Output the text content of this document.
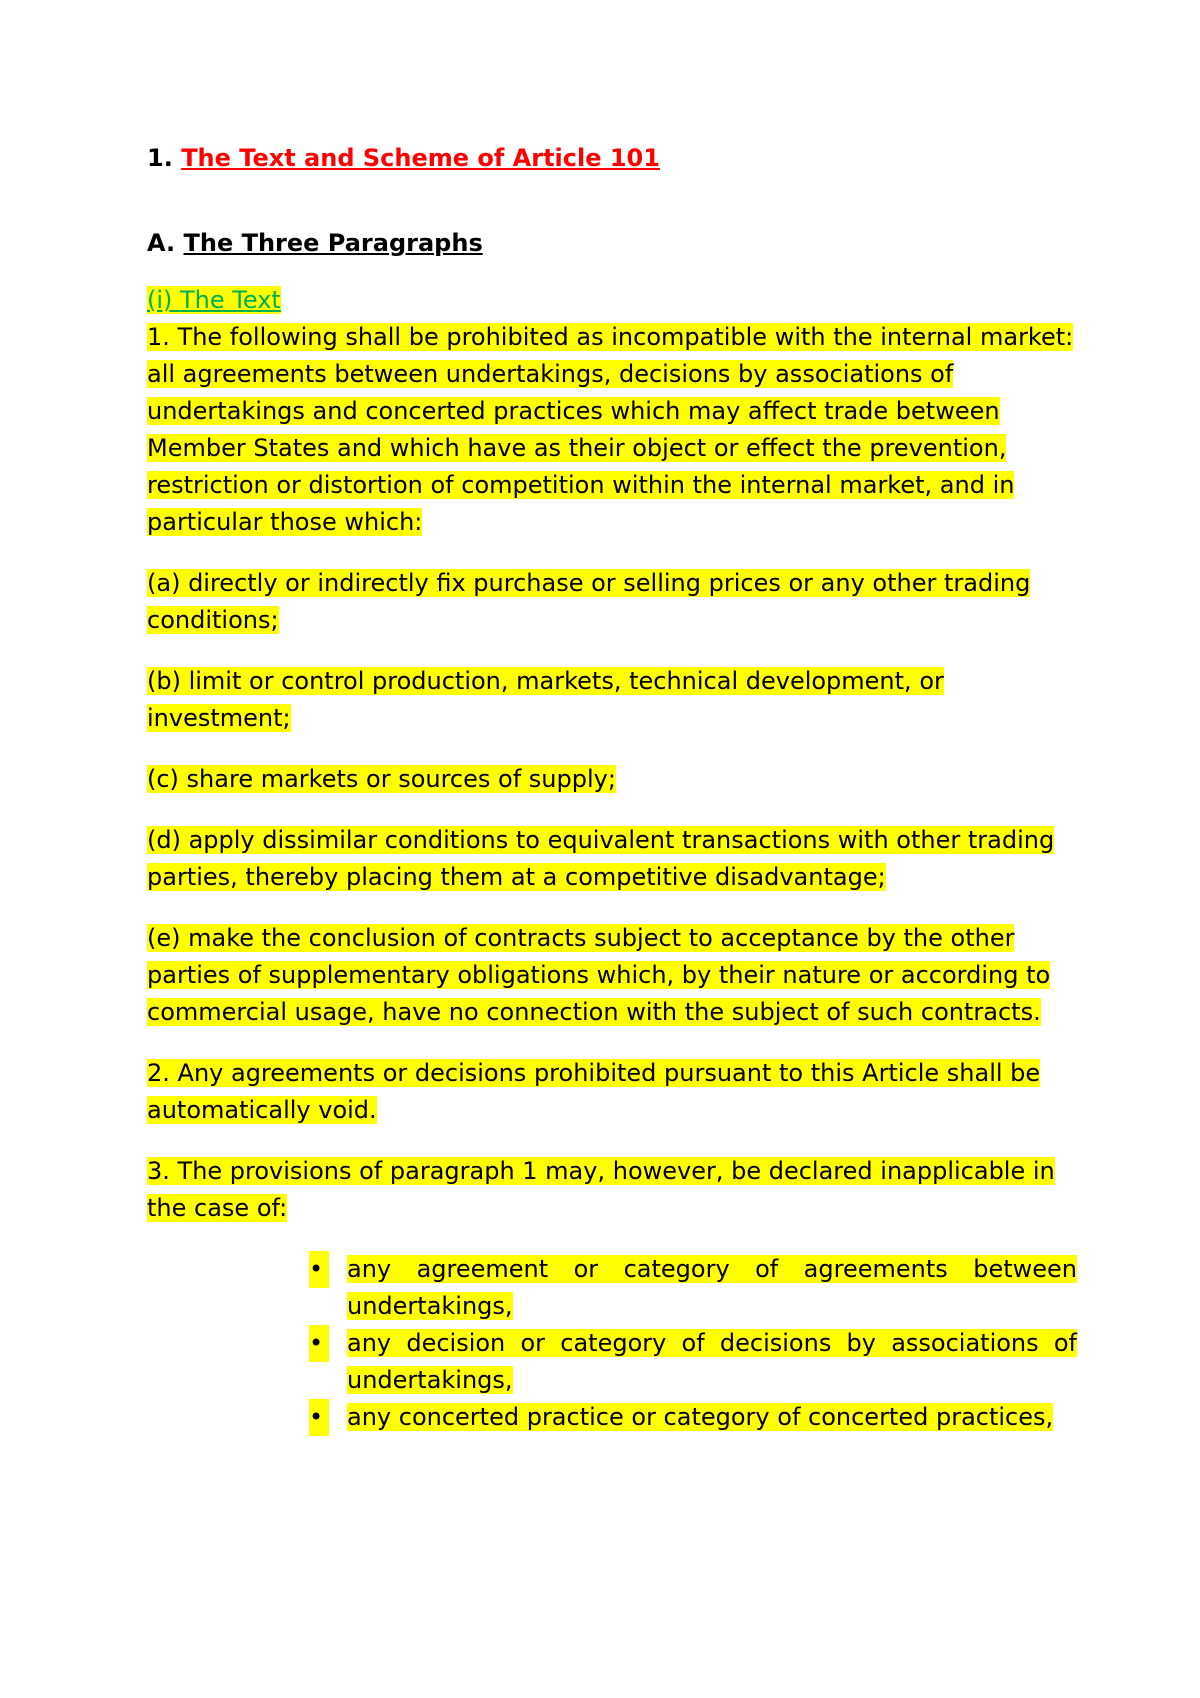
1. The Text and Scheme of Article 101

A. The Three Paragraphs

(i) The Text

1. The following shall be prohibited as incompatible with the internal market: all agreements between undertakings, decisions by associations of undertakings and concerted practices which may affect trade between Member States and which have as their object or effect the prevention, restriction or distortion of competition within the internal market, and in particular those which:

(a) directly or indirectly fix purchase or selling prices or any other trading conditions;

(b) limit or control production, markets, technical development, or investment;

(c) share markets or sources of supply;

(d) apply dissimilar conditions to equivalent transactions with other trading parties, thereby placing them at a competitive disadvantage;

(e) make the conclusion of contracts subject to acceptance by the other parties of supplementary obligations which, by their nature or according to commercial usage, have no connection with the subject of such contracts.

2. Any agreements or decisions prohibited pursuant to this Article shall be automatically void.

3. The provisions of paragraph 1 may, however, be declared inapplicable in the case of:

• any agreement or category of agreements between undertakings,
• any decision or category of decisions by associations of undertakings,
• any concerted practice or category of concerted practices,
